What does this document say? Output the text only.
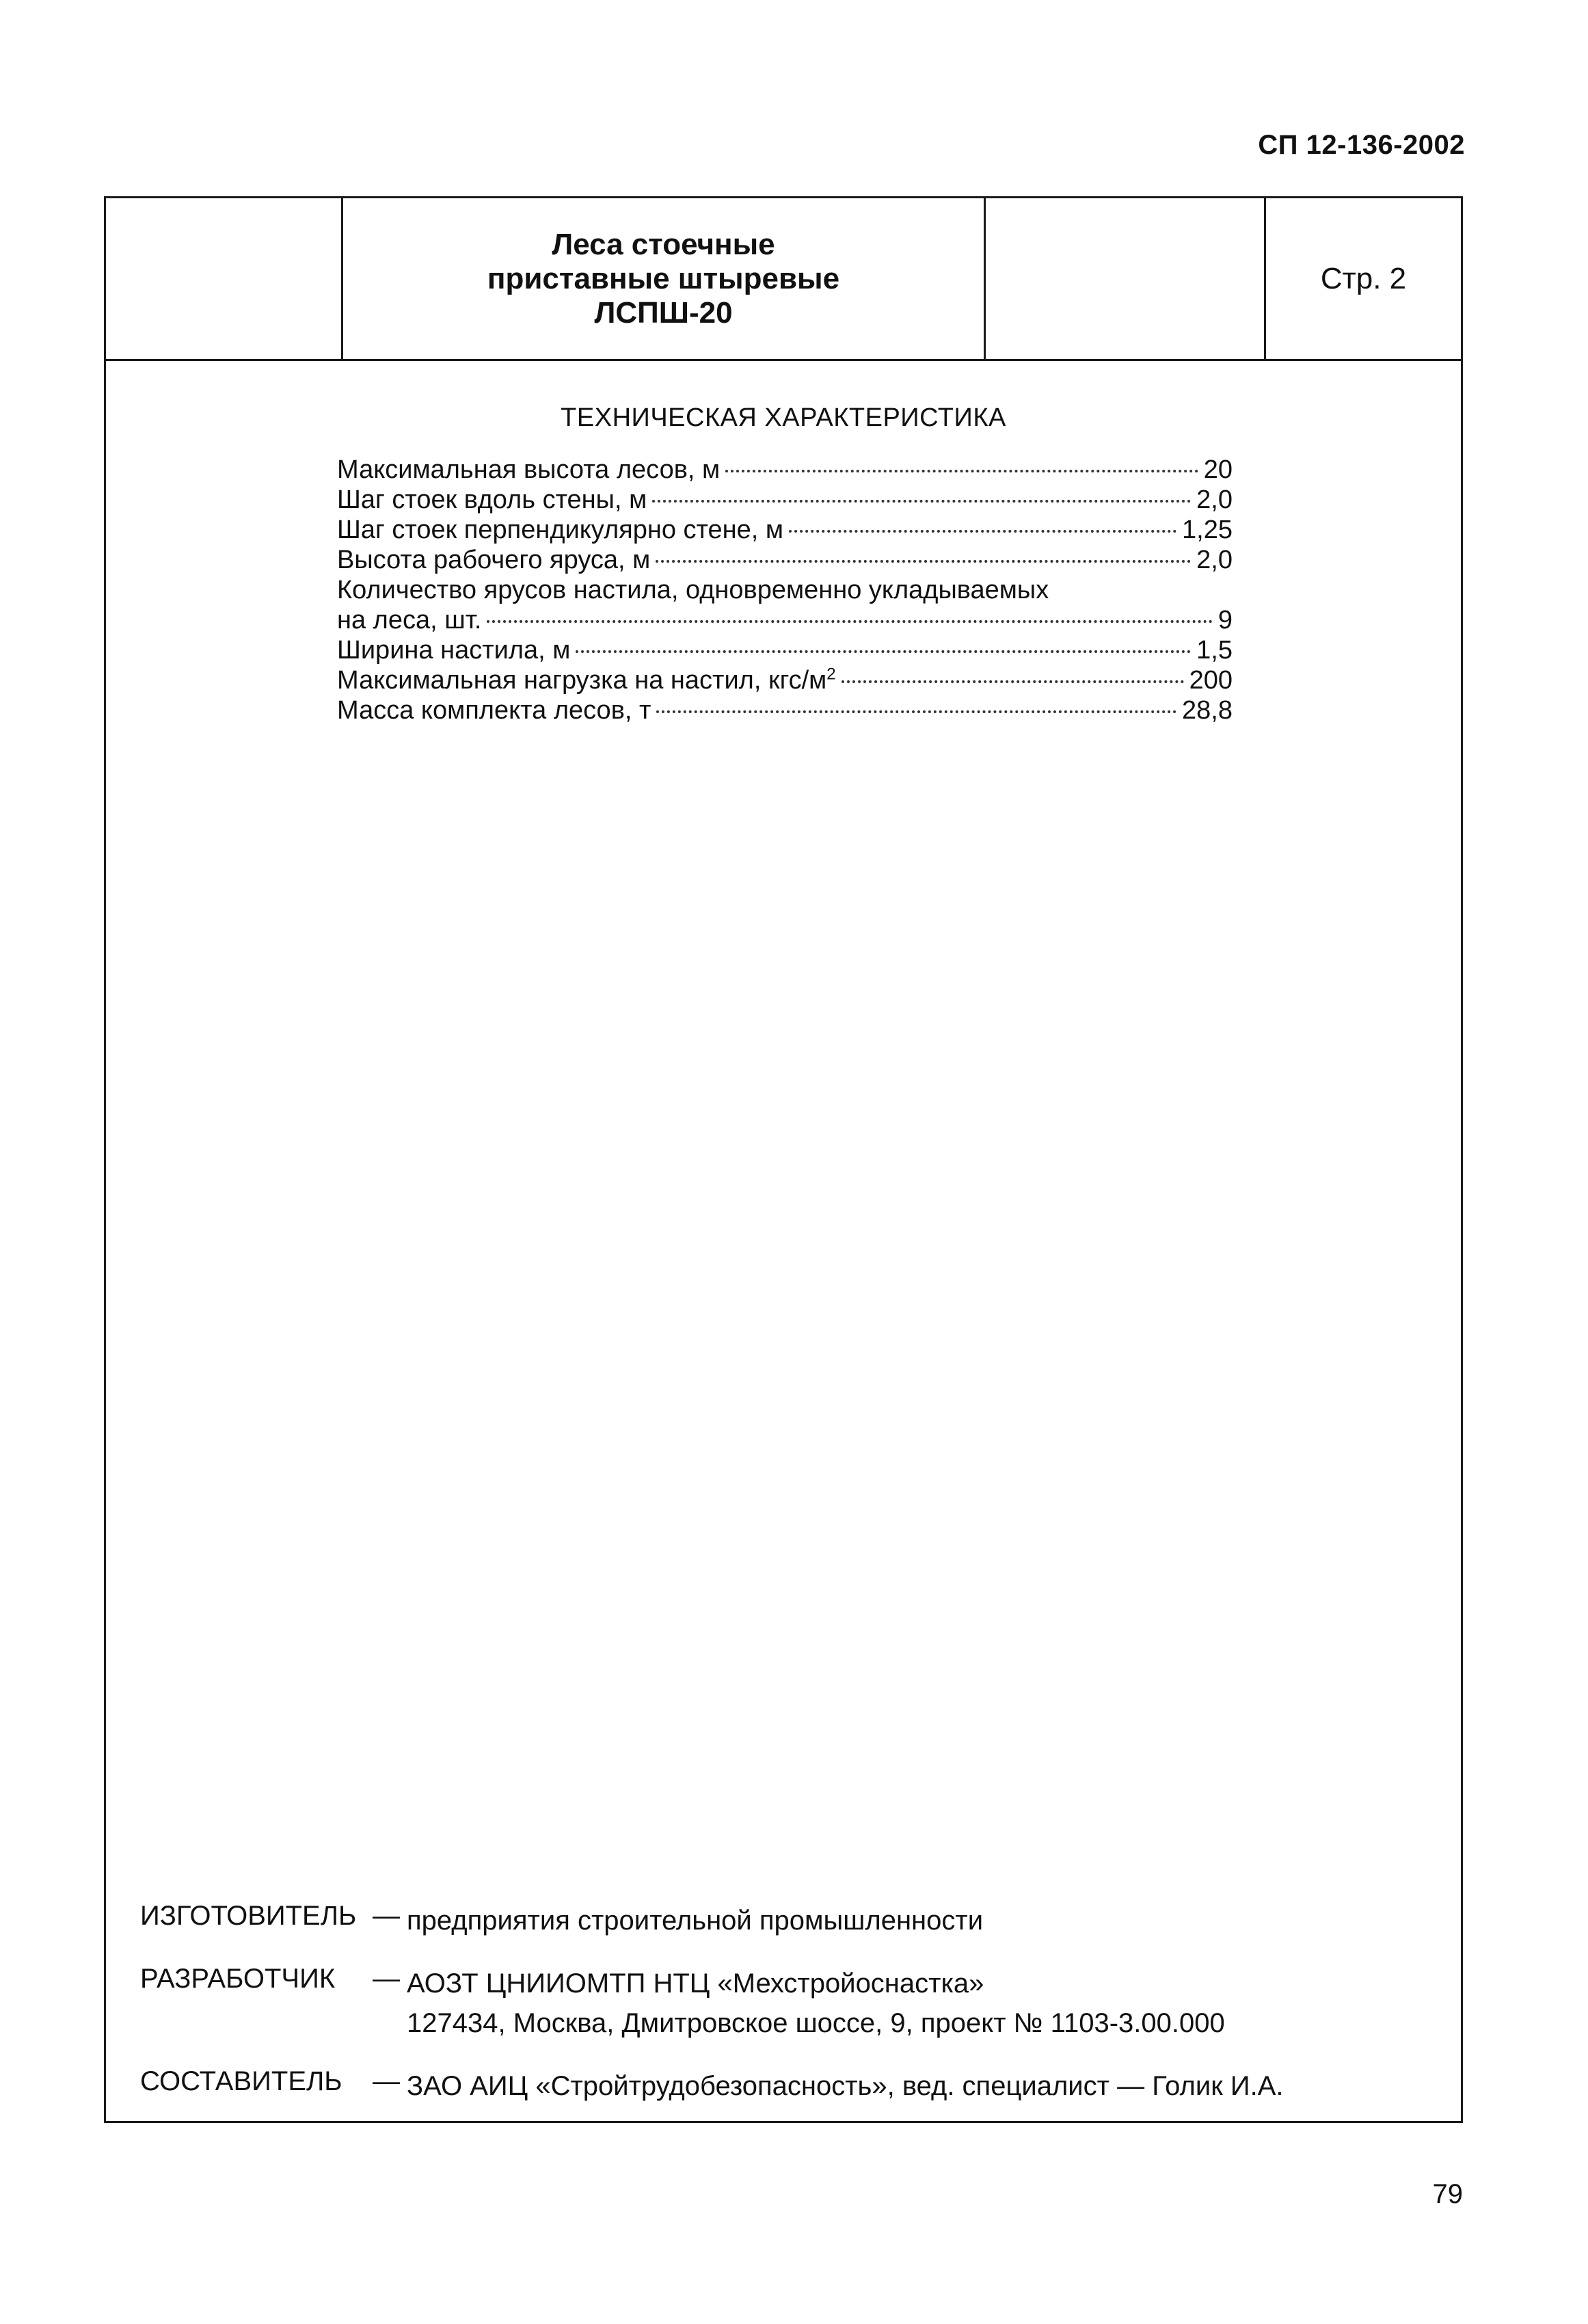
СП 12-136-2002
Леса стоечные
приставные штыревые
ЛСПШ-20
Стр. 2
ТЕХНИЧЕСКАЯ ХАРАКТЕРИСТИКА
Максимальная высота лесов, м	20
Шаг стоек вдоль стены, м	2,0
Шаг стоек перпендикулярно стене, м	1,25
Высота рабочего яруса, м	2,0
Количество ярусов настила, одновременно укладываемых
на леса, шт.	9
Ширина настила, м	1,5
Максимальная нагрузка на настил, кгс/$м^2$	200
Масса комплекта лесов, т	28,8
ИЗГОТОВИТЕЛЬ — предприятия строительной промышленности
РАЗРАБОТЧИК	— АОЗТ ЦНИИОМТП НТЦ «Мехстройоснастка»
127434, Москва, Дмитровское шоссе, 9, проект № 1103-3.00.000
СОСТАВИТЕЛЬ	— ЗАО АИЦ «Стройтрудобезопасность», вед. специалист — Голик И.А.
79
